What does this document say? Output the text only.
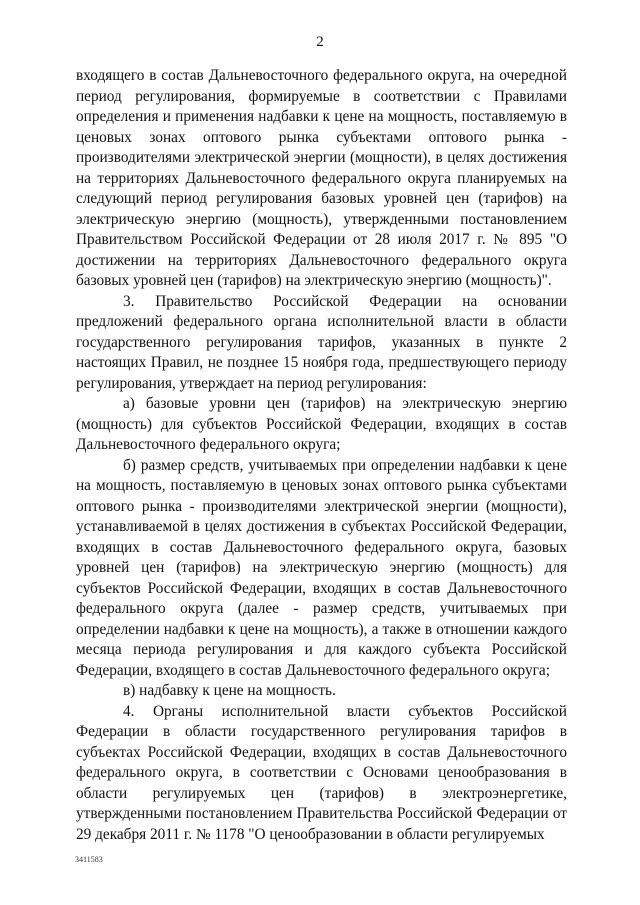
2

входящего в состав Дальневосточного федерального округа, на очередной период регулирования, формируемые в соответствии с Правилами определения и применения надбавки к цене на мощность, поставляемую в ценовых зонах оптового рынка субъектами оптового рынка - производителями электрической энергии (мощности), в целях достижения на территориях Дальневосточного федерального округа планируемых на следующий период регулирования базовых уровней цен (тарифов) на электрическую энергию (мощность), утвержденными постановлением Правительством Российской Федерации от 28 июля 2017 г. № 895 "О достижении на территориях Дальневосточного федерального округа базовых уровней цен (тарифов) на электрическую энергию (мощность)".

3. Правительство Российской Федерации на основании предложений федерального органа исполнительной власти в области государственного регулирования тарифов, указанных в пункте 2 настоящих Правил, не позднее 15 ноября года, предшествующего периоду регулирования, утверждает на период регулирования:

а) базовые уровни цен (тарифов) на электрическую энергию (мощность) для субъектов Российской Федерации, входящих в состав Дальневосточного федерального округа;

б) размер средств, учитываемых при определении надбавки к цене на мощность, поставляемую в ценовых зонах оптового рынка субъектами оптового рынка - производителями электрической энергии (мощности), устанавливаемой в целях достижения в субъектах Российской Федерации, входящих в состав Дальневосточного федерального округа, базовых уровней цен (тарифов) на электрическую энергию (мощность) для субъектов Российской Федерации, входящих в состав Дальневосточного федерального округа (далее - размер средств, учитываемых при определении надбавки к цене на мощность), а также в отношении каждого месяца периода регулирования и для каждого субъекта Российской Федерации, входящего в состав Дальневосточного федерального округа;

в) надбавку к цене на мощность.

4. Органы исполнительной власти субъектов Российской Федерации в области государственного регулирования тарифов в субъектах Российской Федерации, входящих в состав Дальневосточного федерального округа, в соответствии с Основами ценообразования в области регулируемых цен (тарифов) в электроэнергетике, утвержденными постановлением Правительства Российской Федерации от 29 декабря 2011 г. № 1178 "О ценообразовании в области регулируемых

3411583
